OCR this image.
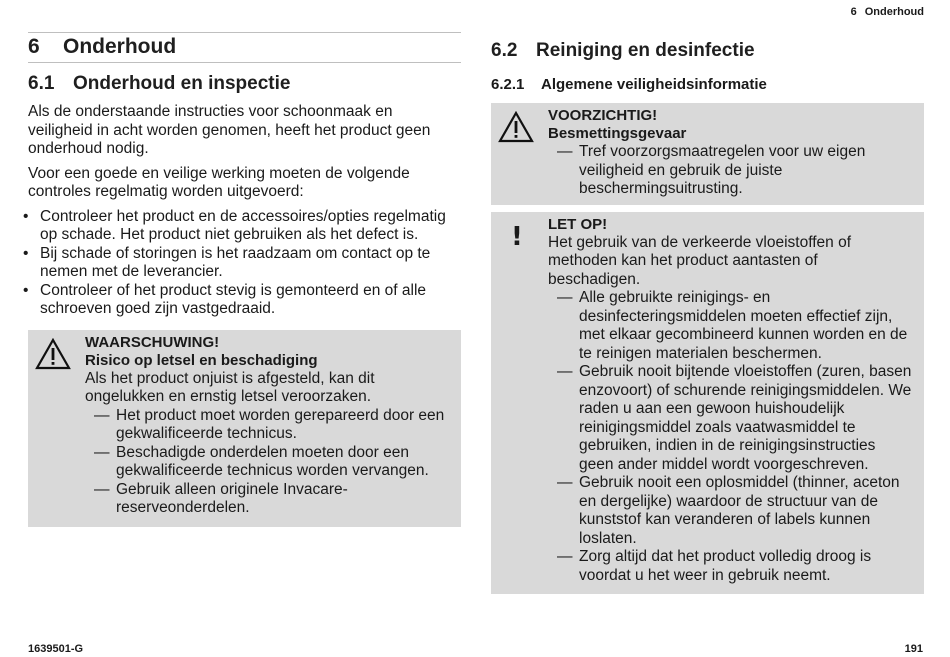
6 Onderhoud
6 Onderhoud
6.1 Onderhoud en inspectie

Als de onderstaande instructies voor schoonmaak en veiligheid in acht worden genomen, heeft het product geen onderhoud nodig.

Voor een goede en veilige werking moeten de volgende controles regelmatig worden uitgevoerd:

• Controleer het product en de accessoires/opties regelmatig op schade. Het product niet gebruiken als het defect is.
• Bij schade of storingen is het raadzaam om contact op te nemen met de leverancier.
• Controleer of het product stevig is gemonteerd en of alle schroeven goed zijn vastgedraaid.
WAARSCHUWING!
Risico op letsel en beschadiging
Als het product onjuist is afgesteld, kan dit ongelukken en ernstig letsel veroorzaken.
— Het product moet worden gerepareerd door een gekwalificeerde technicus.
— Beschadigde onderdelen moeten door een gekwalificeerde technicus worden vervangen.
— Gebruik alleen originele Invacare-reserveonderdelen.
6.2 Reiniging en desinfectie
6.2.1 Algemene veiligheidsinformatie
VOORZICHTIG!
Besmettingsgevaar
— Tref voorzorgsmaatregelen voor uw eigen veiligheid en gebruik de juiste beschermingsuitrusting.
! LET OP!
Het gebruik van de verkeerde vloeistoffen of methoden kan het product aantasten of beschadigen.
— Alle gebruikte reinigings- en desinfecteringsmiddelen moeten effectief zijn, met elkaar gecombineerd kunnen worden en de te reinigen materialen beschermen.
— Gebruik nooit bijtende vloeistoffen (zuren, basen enzovoort) of schurende reinigingsmiddelen. We raden u aan een gewoon huishoudelijk reinigingsmiddel zoals vaatwasmiddel te gebruiken, indien in de reinigingsinstructies geen ander middel wordt voorgeschreven.
— Gebruik nooit een oplosmiddel (thinner, aceton en dergelijke) waardoor de structuur van de kunststof kan veranderen of labels kunnen loslaten.
— Zorg altijd dat het product volledig droog is voordat u het weer in gebruik neemt.
1639501-G	191
